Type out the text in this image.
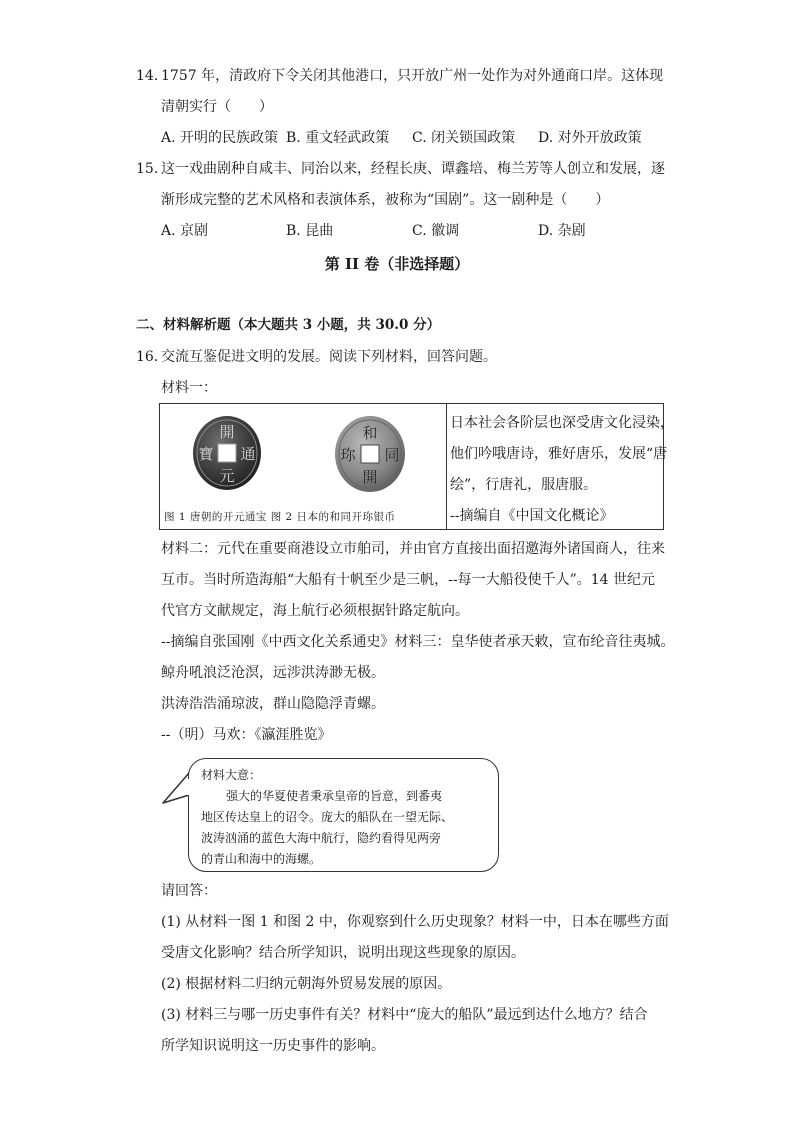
14. 1757 年，清政府下令关闭其他港口，只开放广州一处作为对外通商口岸。这体现
清朝实行（　　）
A. 开明的民族政策 B. 重文轻武政策 C. 闭关锁国政策 D. 对外开放政策
15. 这一戏曲剧种自咸丰、同治以来，经程长庚、谭鑫培、梅兰芳等人创立和发展，逐
渐形成完整的艺术风格和表演体系，被称为“国剧”。这一剧种是（　　）
A. 京剧	B. 昆曲	C. 徽调	D. 杂剧
第 II 卷（非选择题）
二、材料解析题（本大题共 3 小题，共 30.0 分）
16. 交流互鉴促进文明的发展。阅读下列材料，回答问题。
材料一：
開
元
通
寶
和
同
開
珎
图 1 唐朝的开元通宝 图 2 日本的和同开珎银币
日本社会各阶层也深受唐文化浸染，
他们吟哦唐诗，雅好唐乐，发展“唐
绘”，行唐礼，服唐服。
--摘编自《中国文化概论》
材料二：元代在重要商港设立市舶司，并由官方直接出面招邀海外诸国商人，往来
互市。当时所造海船“大船有十帆至少是三帆，--每一大船役使千人”。14 世纪元
代官方文献规定，海上航行必须根据针路定航向。
--摘编自张国刚《中西文化关系通史》材料三：皇华使者承天敕，宣布纶音往夷城。
鲸舟吼浪泛沧溟，远涉洪涛渺无极。
洪涛浩浩涌琼波，群山隐隐浮青螺。
--（明）马欢：《瀛涯胜览》
材料大意：
强大的华夏使者秉承皇帝的旨意，到番夷
地区传达皇上的诏令。庞大的船队在一望无际、
波涛汹涌的蓝色大海中航行，隐约看得见两旁
的青山和海中的海螺。
请回答：
(1) 从材料一图 1 和图 2 中，你观察到什么历史现象？材料一中，日本在哪些方面
受唐文化影响？结合所学知识，说明出现这些现象的原因。
(2) 根据材料二归纳元朝海外贸易发展的原因。
(3) 材料三与哪一历史事件有关？材料中“庞大的船队”最远到达什么地方？结合
所学知识说明这一历史事件的影响。
